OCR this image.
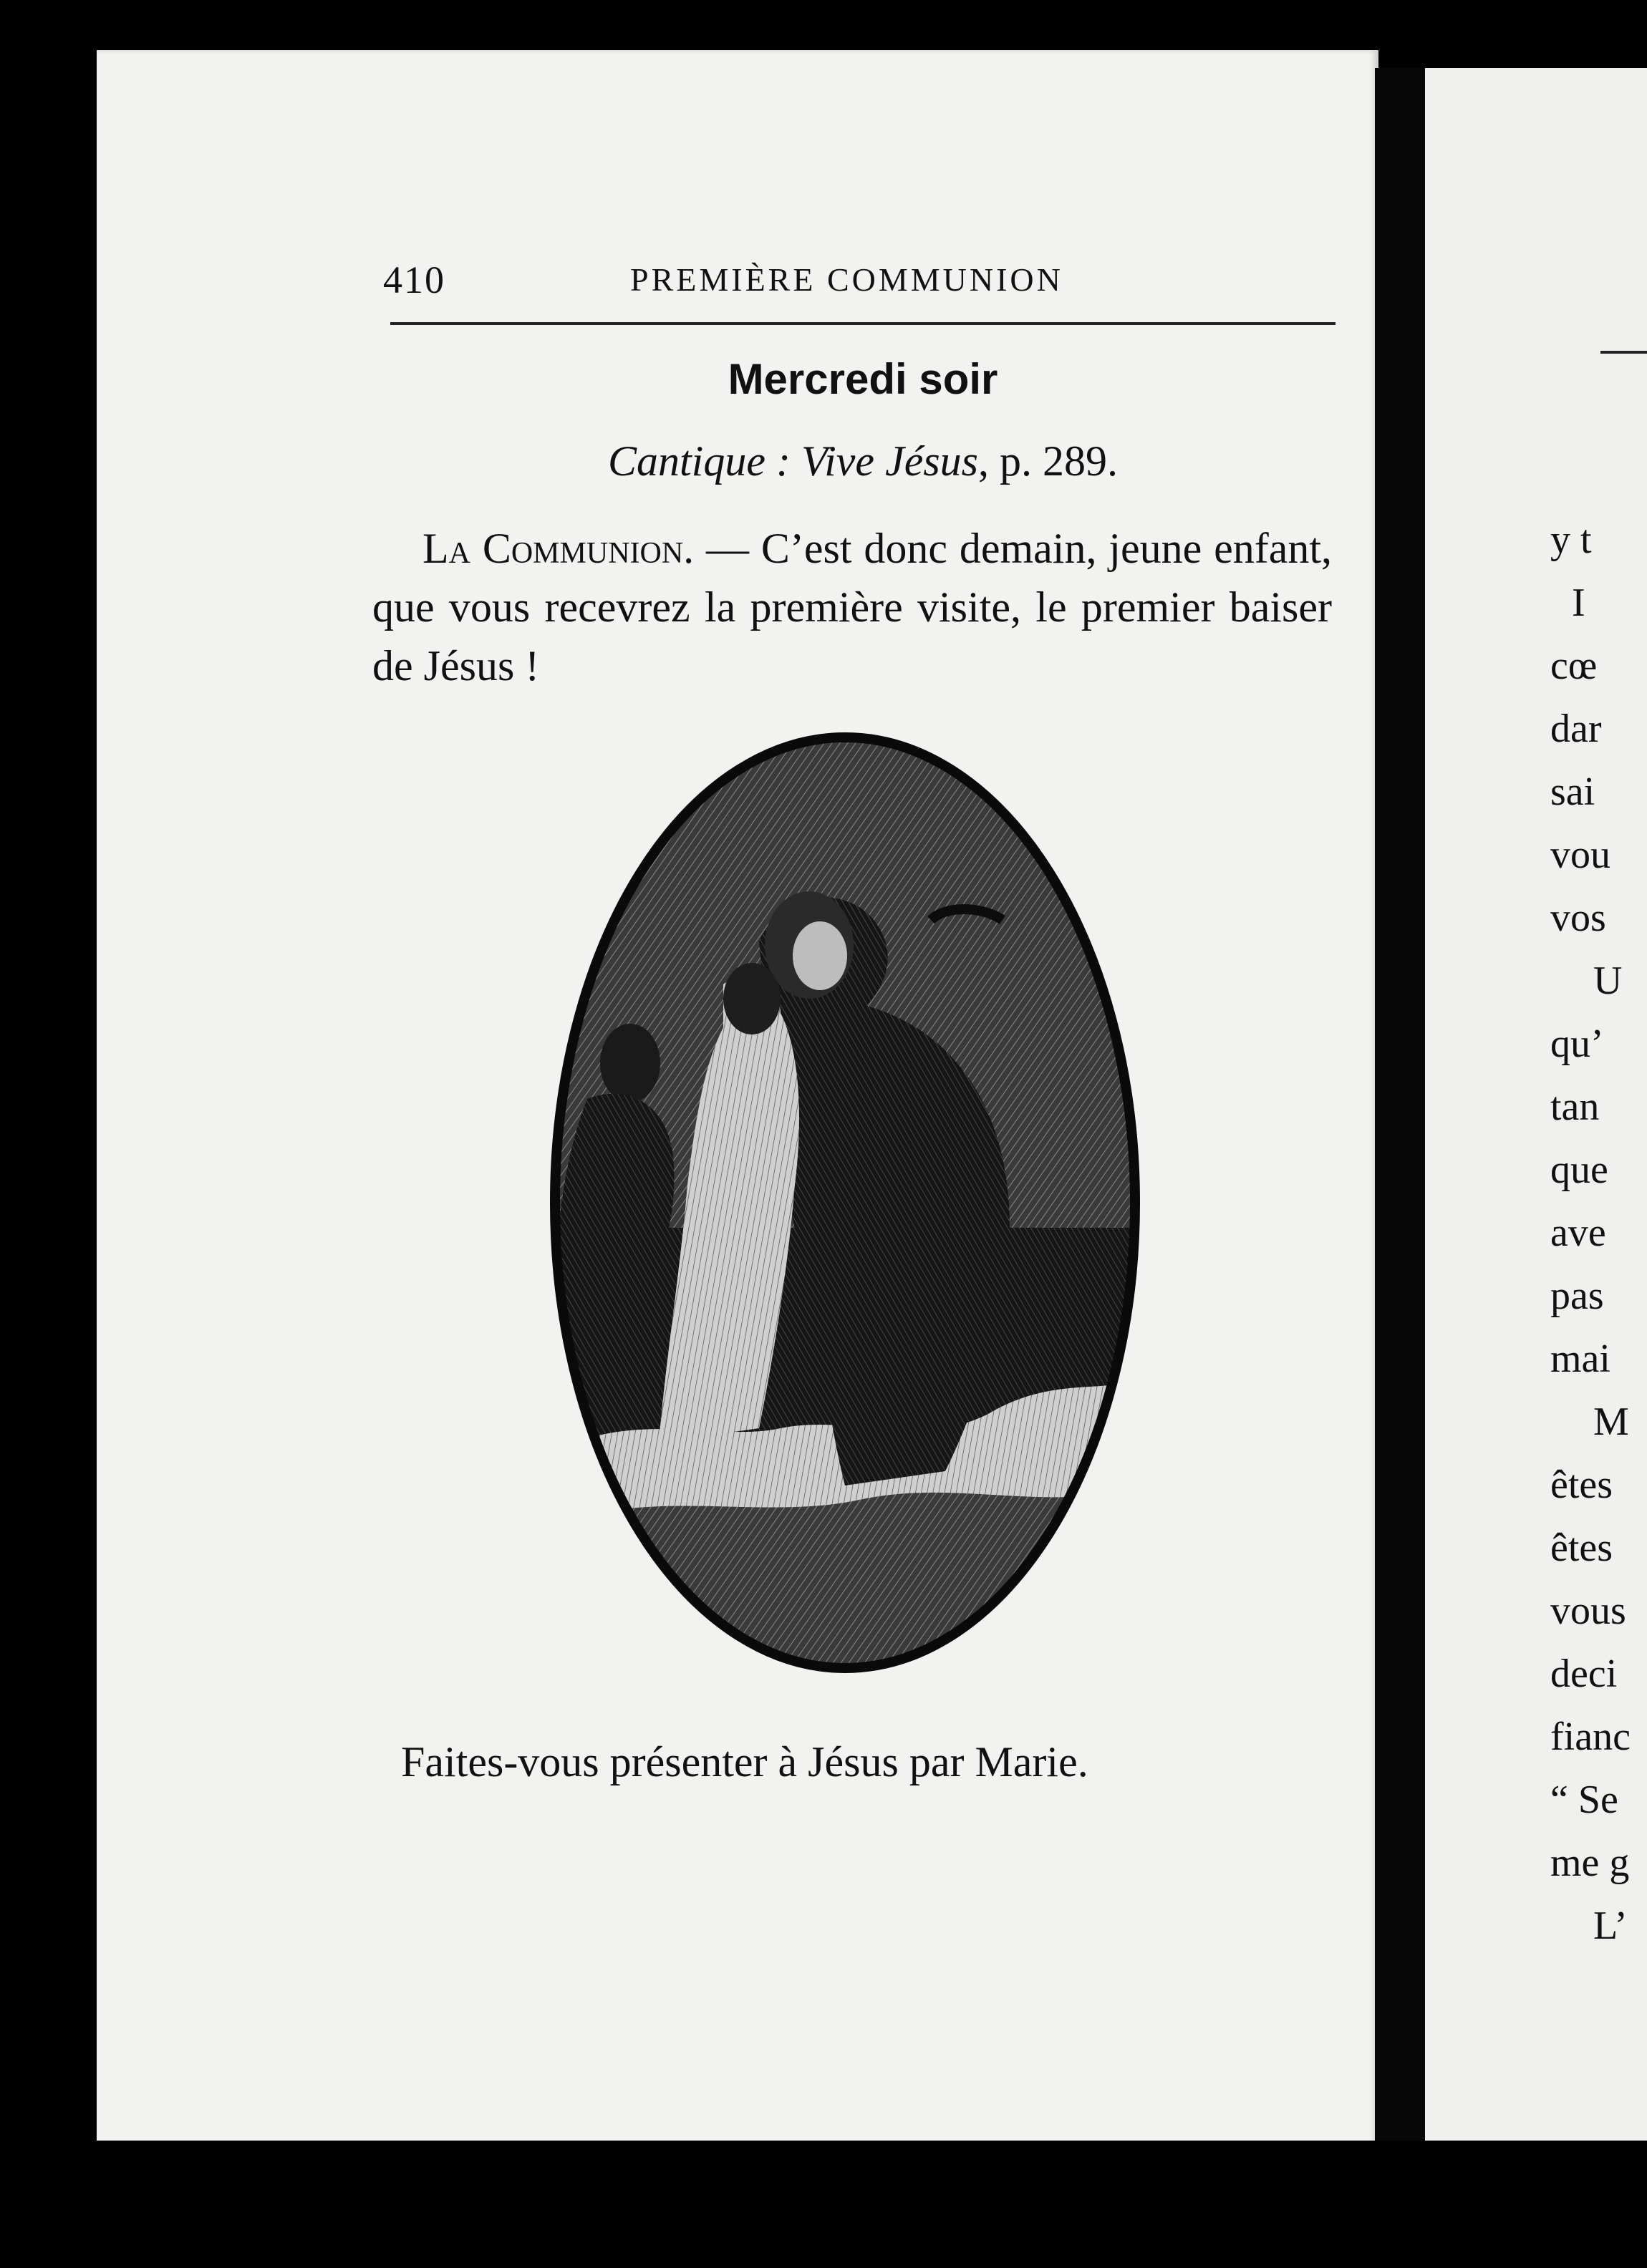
410	PREMIÈRE COMMUNION
Mercredi soir
Cantique : Vive Jésus, p. 289.

La Communion. — C’est donc demain, jeune enfant, que vous recevrez la première visite, le premier baiser de Jésus !

Faites-vous présenter à Jésus par Marie.

y t
I
cœ
dar
sai
vou
vos
U
qu’
tan
que
ave
pas
mai
M
êtes
êtes
vous
deci
fianc
“ Se
me g
L’
